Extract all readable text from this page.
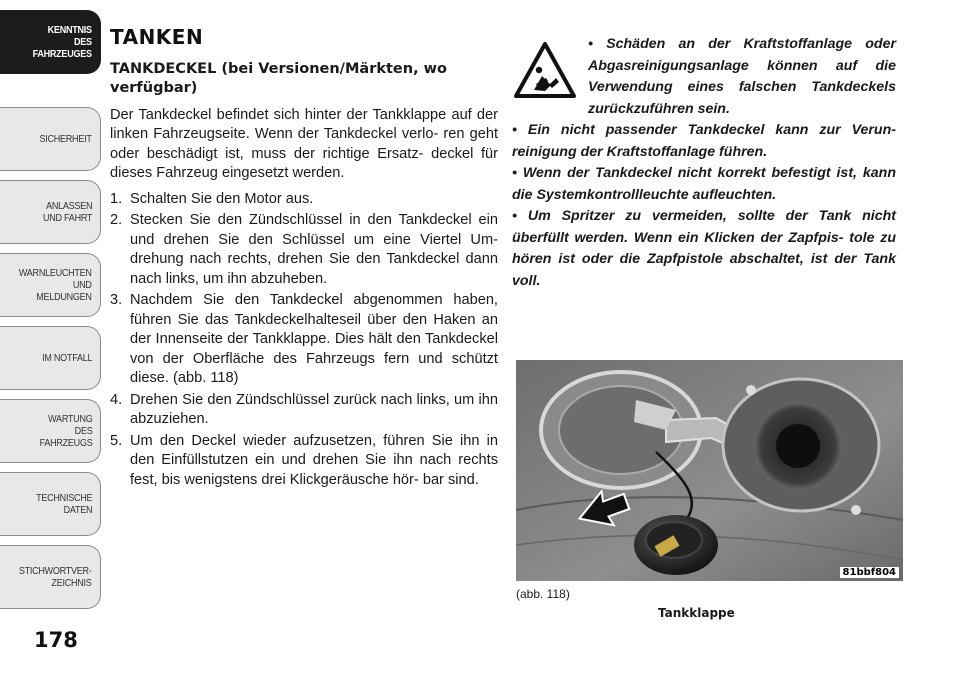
KENNTNIS
DES
FAHRZEUGES
SICHERHEIT
ANLASSEN
UND FAHRT
WARNLEUCHTEN
UND
MELDUNGEN
IM NOTFALL
WARTUNG
DES
FAHRZEUGS
TECHNISCHE
DATEN
STICHWORTVER-
ZEICHNIS
178
TANKEN
TANKDECKEL (bei Versionen/Märkten, wo verfügbar)

Der Tankdeckel befindet sich hinter der Tankklappe auf der linken Fahrzeugseite. Wenn der Tankdeckel verlo- ren geht oder beschädigt ist, muss der richtige Ersatz- deckel für dieses Fahrzeug eingesetzt werden.

1. Schalten Sie den Motor aus.
2. Stecken Sie den Zündschlüssel in den Tankdeckel ein und drehen Sie den Schlüssel um eine Viertel Um- drehung nach rechts, drehen Sie den Tankdeckel dann nach links, um ihn abzuheben.
3. Nachdem Sie den Tankdeckel abgenommen haben, führen Sie das Tankdeckelhalteseil über den Haken an der Innenseite der Tankklappe. Dies hält den Tankdeckel von der Oberfläche des Fahrzeugs fern und schützt diese. (abb. 118)
4. Drehen Sie den Zündschlüssel zurück nach links, um ihn abzuziehen.
5. Um den Deckel wieder aufzusetzen, führen Sie ihn in den Einfüllstutzen ein und drehen Sie ihn nach rechts fest, bis wenigstens drei Klickgeräusche hör- bar sind.

• Schäden an der Kraftstoffanlage oder Abgasreinigungsanlage können auf die Verwendung eines falschen Tankdeckels zurückzuführen sein.

• Ein nicht passender Tankdeckel kann zur Verun- reinigung der Kraftstoffanlage führen.

• Wenn der Tankdeckel nicht korrekt befestigt ist, kann die Systemkontrollleuchte aufleuchten.

• Um Spritzer zu vermeiden, sollte der Tank nicht überfüllt werden. Wenn ein Klicken der Zapfpis- tole zu hören ist oder die Zapfpistole abschaltet, ist der Tank voll.

81bbf804
(abb. 118)
Tankklappe
